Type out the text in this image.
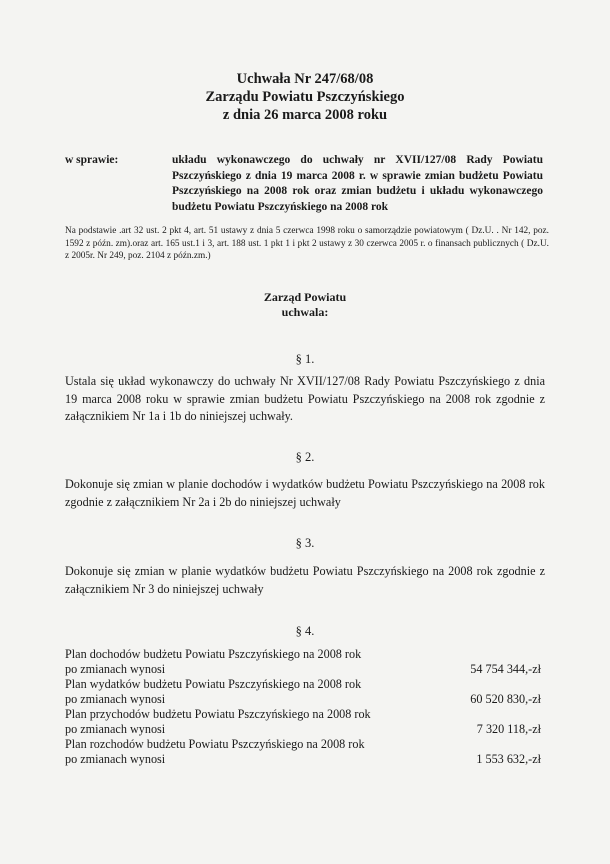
Uchwała Nr 247/68/08
Zarządu Powiatu Pszczyńskiego
z dnia 26 marca 2008 roku
w sprawie:	układu wykonawczego do uchwały nr XVII/127/08 Rady Powiatu Pszczyńskiego z dnia 19 marca 2008 r. w sprawie zmian budżetu Powiatu Pszczyńskiego na 2008 rok oraz zmian budżetu i układu wykonawczego budżetu Powiatu Pszczyńskiego na 2008 rok
Na podstawie .art 32 ust. 2 pkt 4, art. 51 ustawy z dnia 5 czerwca 1998 roku o samorządzie powiatowym ( Dz.U. . Nr 142, poz. 1592 z późn. zm).oraz art. 165 ust.1 i 3, art. 188 ust. 1 pkt 1 i pkt 2 ustawy z 30 czerwca 2005 r. o finansach publicznych ( Dz.U. z 2005r. Nr 249, poz. 2104 z późn.zm.)
Zarząd Powiatu
uchwala:
§ 1.
Ustala się układ wykonawczy do uchwały Nr XVII/127/08 Rady Powiatu Pszczyńskiego z dnia 19 marca 2008 roku w sprawie zmian budżetu Powiatu Pszczyńskiego na 2008 rok zgodnie z załącznikiem Nr 1a i 1b do niniejszej uchwały.
§ 2.
Dokonuje się zmian w planie dochodów i wydatków budżetu Powiatu Pszczyńskiego na 2008 rok zgodnie z załącznikiem Nr 2a i 2b do niniejszej uchwały
§ 3.
Dokonuje się zmian w planie wydatków budżetu Powiatu Pszczyńskiego na 2008 rok zgodnie z załącznikiem Nr 3 do niniejszej uchwały
§ 4.
Plan dochodów budżetu Powiatu Pszczyńskiego na 2008 rok
po zmianach wynosi	54 754 344,-zł
Plan wydatków budżetu Powiatu Pszczyńskiego na 2008 rok
po zmianach wynosi	60 520 830,-zł
Plan przychodów budżetu Powiatu Pszczyńskiego na 2008 rok
po zmianach wynosi	7 320 118,-zł
Plan rozchodów budżetu Powiatu Pszczyńskiego na 2008 rok
po zmianach wynosi	1 553 632,-zł
